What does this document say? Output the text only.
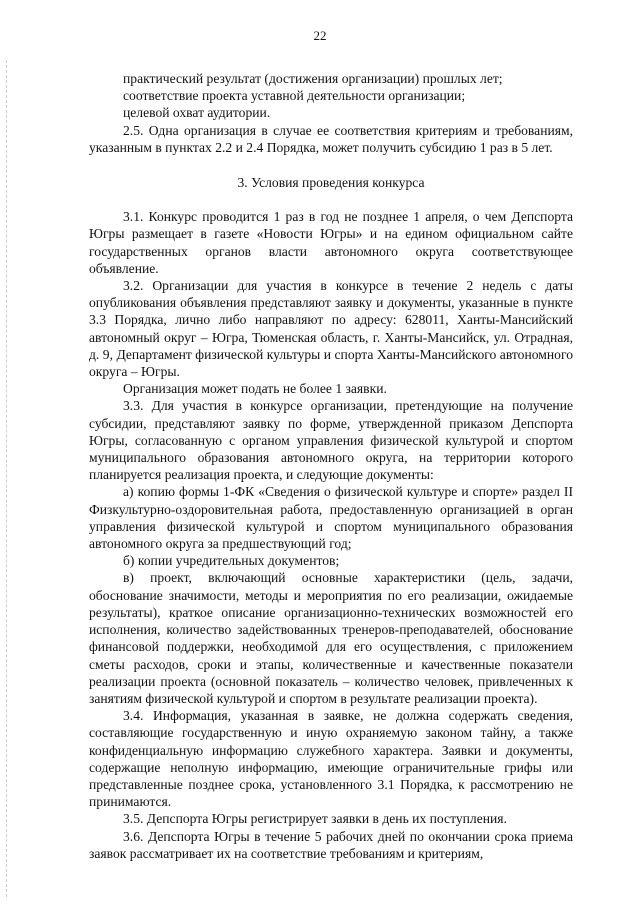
22

практический результат (достижения организации) прошлых лет;

соответствие проекта уставной деятельности организации;

целевой охват аудитории.

2.5. Одна организация в случае ее соответствия критериям и требованиям, указанным в пунктах 2.2 и 2.4 Порядка, может получить субсидию 1 раз в 5 лет.

3. Условия проведения конкурса

3.1. Конкурс проводится 1 раз в год не позднее 1 апреля, о чем Депспорта Югры размещает в газете «Новости Югры» и на едином официальном сайте государственных органов власти автономного округа соответствующее объявление.

3.2. Организации для участия в конкурсе в течение 2 недель с даты опубликования объявления представляют заявку и документы, указанные в пункте 3.3 Порядка, лично либо направляют по адресу: 628011, Ханты-Мансийский автономный округ – Югра, Тюменская область, г. Ханты-Мансийск, ул. Отрадная, д. 9, Департамент физической культуры и спорта Ханты-Мансийского автономного округа – Югры.

Организация может подать не более 1 заявки.

3.3. Для участия в конкурсе организации, претендующие на получение субсидии, представляют заявку по форме, утвержденной приказом Депспорта Югры, согласованную с органом управления физической культурой и спортом муниципального образования автономного округа, на территории которого планируется реализация проекта, и следующие документы:

а) копию формы 1-ФК «Сведения о физической культуре и спорте» раздел II Физкультурно-оздоровительная работа, предоставленную организацией в орган управления физической культурой и спортом муниципального образования автономного округа за предшествующий год;

б) копии учредительных документов;

в) проект, включающий основные характеристики (цель, задачи, обоснование значимости, методы и мероприятия по его реализации, ожидаемые результаты), краткое описание организационно-технических возможностей его исполнения, количество задействованных тренеров-преподавателей, обоснование финансовой поддержки, необходимой для его осуществления, с приложением сметы расходов, сроки и этапы, количественные и качественные показатели реализации проекта (основной показатель – количество человек, привлеченных к занятиям физической культурой и спортом в результате реализации проекта).

3.4. Информация, указанная в заявке, не должна содержать сведения, составляющие государственную и иную охраняемую законом тайну, а также конфиденциальную информацию служебного характера. Заявки и документы, содержащие неполную информацию, имеющие ограничительные грифы или представленные позднее срока, установленного 3.1 Порядка, к рассмотрению не принимаются.

3.5. Депспорта Югры регистрирует заявки в день их поступления.

3.6. Депспорта Югры в течение 5 рабочих дней по окончании срока приема заявок рассматривает их на соответствие требованиям и критериям,
